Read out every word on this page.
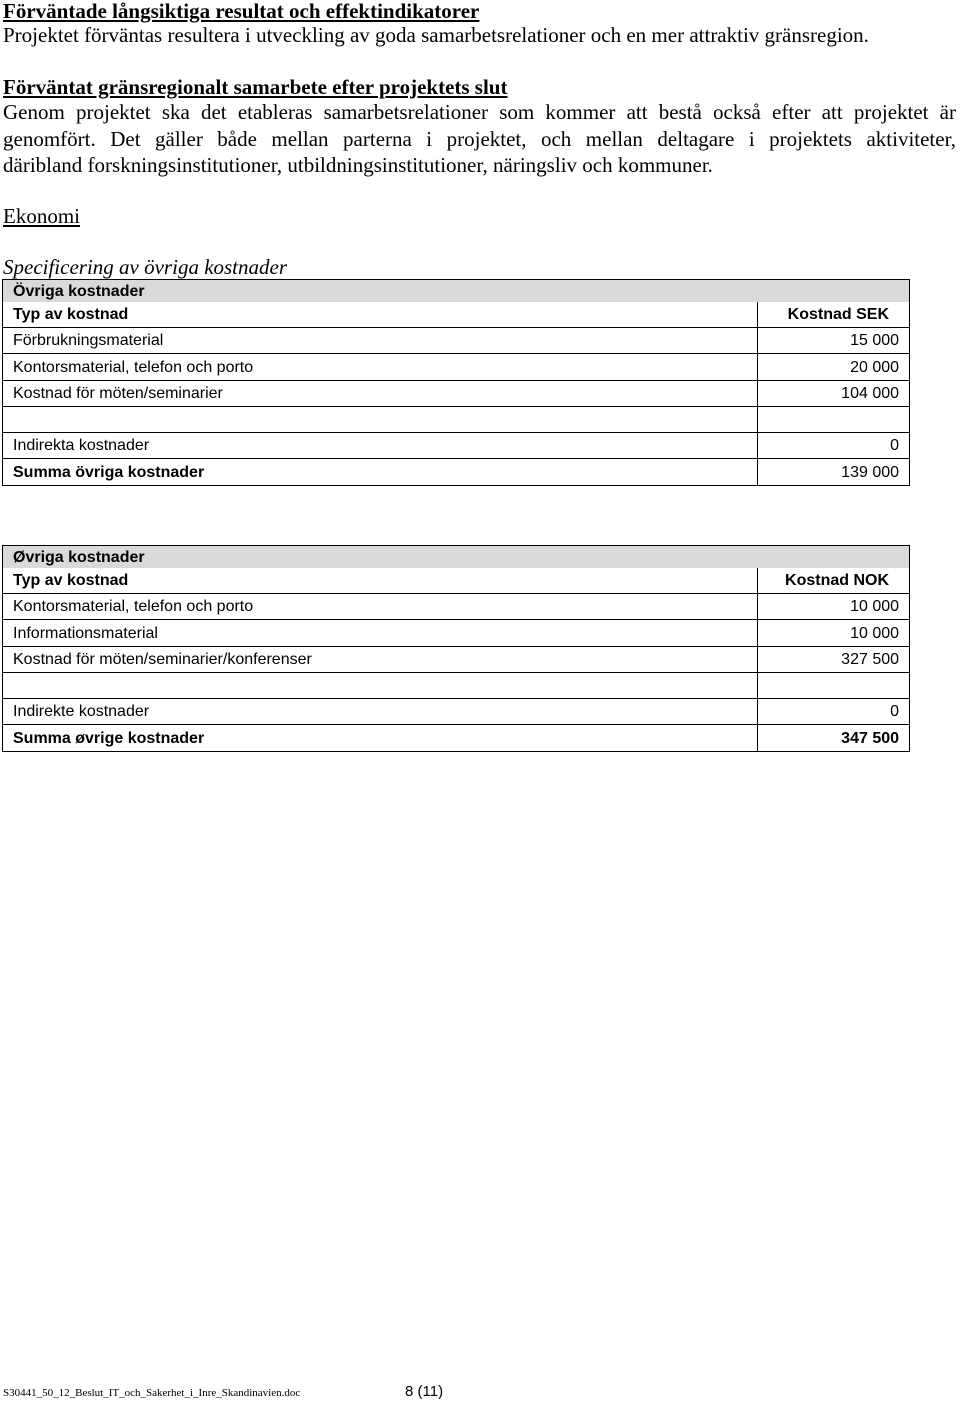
Förväntade långsiktiga resultat och effektindikatorer
Projektet förväntas resultera i utveckling av goda samarbetsrelationer och en mer attraktiv gränsregion.
Förväntat gränsregionalt samarbete efter projektets slut
Genom projektet ska det etableras samarbetsrelationer som kommer att bestå också efter att projektet är
genomfört. Det gäller både mellan parterna i projektet, och mellan deltagare i projektets aktiviteter,
däribland forskningsinstitutioner, utbildningsinstitutioner, näringsliv och kommuner.
Ekonomi
Specificering av övriga kostnader
Övriga kostnader	
Typ av kostnad	Kostnad SEK
Förbrukningsmaterial	15 000
Kontorsmaterial, telefon och porto	20 000
Kostnad för möten/seminarier	104 000

Indirekta kostnader	0
Summa övriga kostnader	139 000
Øvriga kostnader	
Typ av kostnad	Kostnad NOK
Kontorsmaterial, telefon och porto	10 000
Informationsmaterial	10 000
Kostnad för möten/seminarier/konferenser	327 500

Indirekte kostnader	0
Summa øvrige kostnader	347 500
S30441_50_12_Beslut_IT_och_Sakerhet_i_Inre_Skandinavien.doc	8 (11)
